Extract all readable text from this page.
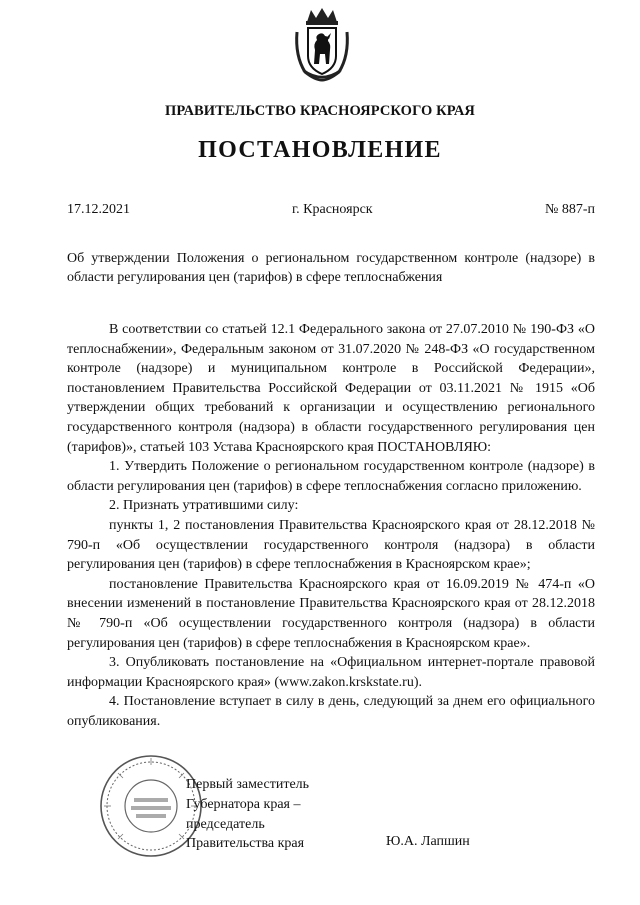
ПРАВИТЕЛЬСТВО КРАСНОЯРСКОГО КРАЯ
ПОСТАНОВЛЕНИЕ
17.12.2021	г. Красноярск	№ 887-п
Об утверждении Положения о региональном государственном контроле (надзоре) в области регулирования цен (тарифов) в сфере теплоснабжения

В соответствии со статьей 12.1 Федерального закона от 27.07.2010 № 190-ФЗ «О теплоснабжении», Федеральным законом от 31.07.2020 № 248-ФЗ «О государственном контроле (надзоре) и муниципальном контроле в Российской Федерации», постановлением Правительства Российской Федерации от 03.11.2021 № 1915 «Об утверждении общих требований к организации и осуществлению регионального государственного контроля (надзора) в области государственного регулирования цен (тарифов)», статьей 103 Устава Красноярского края ПОСТАНОВЛЯЮ:

1. Утвердить Положение о региональном государственном контроле (надзоре) в области регулирования цен (тарифов) в сфере теплоснабжения согласно приложению.

2. Признать утратившими силу:

пункты 1, 2 постановления Правительства Красноярского края от 28.12.2018 № 790-п «Об осуществлении государственного контроля (надзора) в области регулирования цен (тарифов) в сфере теплоснабжения в Красноярском крае»;

постановление Правительства Красноярского края от 16.09.2019 № 474-п «О внесении изменений в постановление Правительства Красноярского края от 28.12.2018 № 790-п «Об осуществлении государственного контроля (надзора) в области регулирования цен (тарифов) в сфере теплоснабжения в Красноярском крае».

3. Опубликовать постановление на «Официальном интернет-портале правовой информации Красноярского края» (www.zakon.krskstate.ru).

4. Постановление вступает в силу в день, следующий за днем его официального опубликования.

Первый заместитель
Губернатора края –
председатель
Правительства края	Ю.А. Лапшин
